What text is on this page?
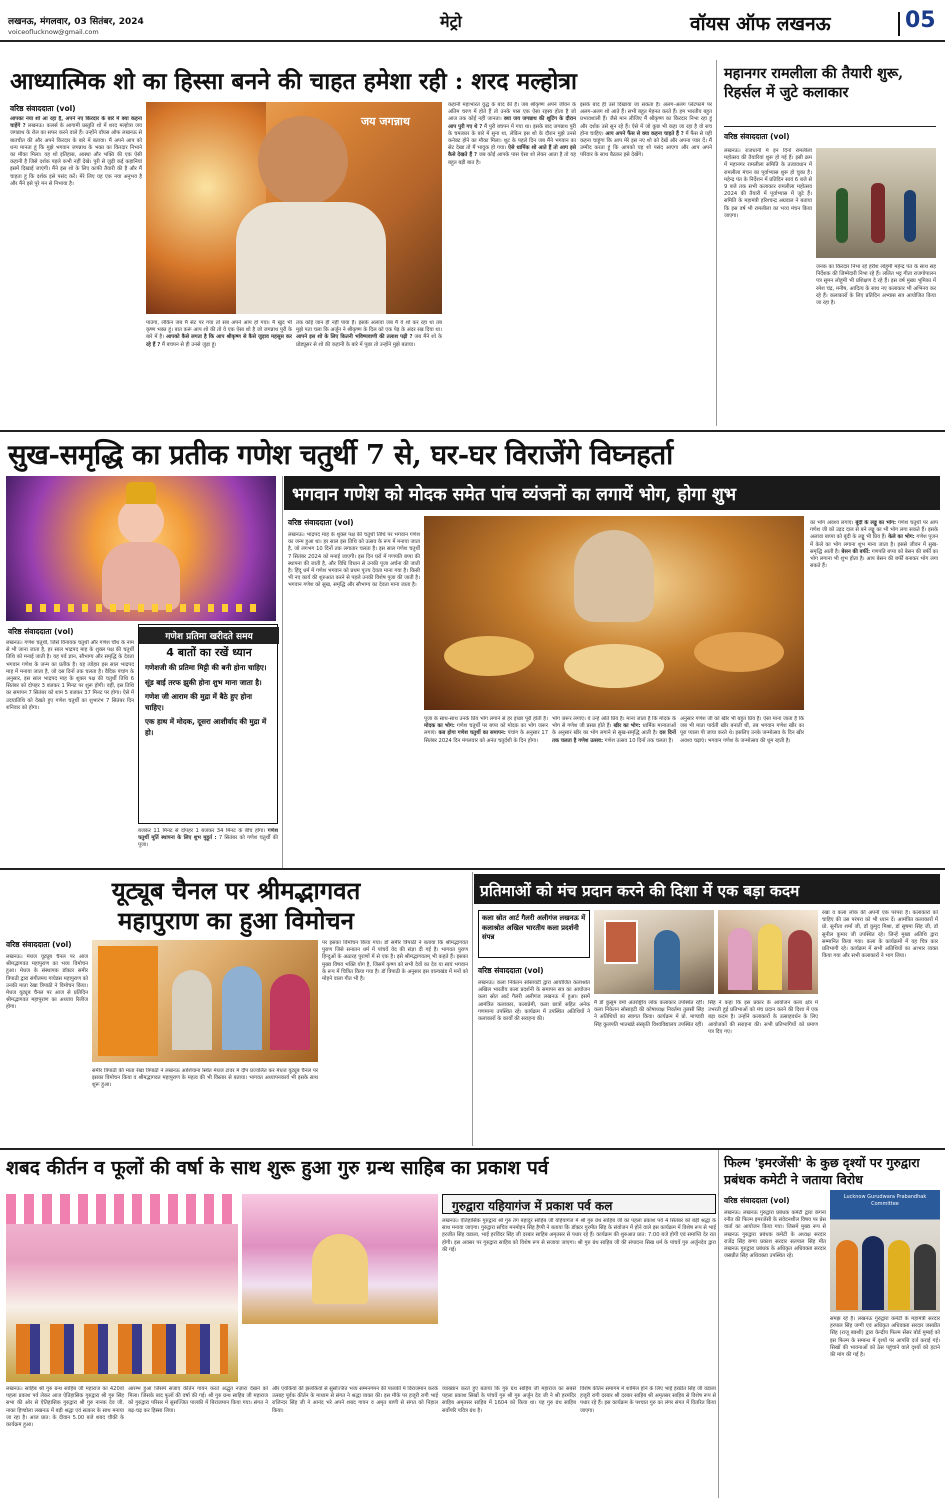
लखनऊ, मंगलवार, 03 सितंबर, 2024
voiceoflucknow@gmail.com
मेट्रो	वॉयस ऑफ लखनऊ	05
आध्यात्मिक शो का हिस्सा बनने की चाहत हमेशा रही : शरद मल्होत्रा
वरिष्ठ संवाददाता (vol)
जय जगन्नाथ
आपका नया शो आ रहा है, अपने नए किरदार के बारे में क्या कहना चाहेंगे ? लखनऊ। कलर्स के आगामी प्रस्तुति शो में शरद मल्होत्रा जय जगन्नाथ के रोल का सफर करने वाले हैं। उन्होंने वॉयस ऑफ लखनऊ से बातचीत की और अपने किरदार के बारे में बताया। मैं अपने आप को धन्य मानता हूं कि मुझे भगवान जगन्नाथ के भक्त का किरदार निभाने का मौका मिला। यह शो इतिहास, आस्था और भक्ति की एक ऐसी कहानी है जिसे दर्शक पहले कभी नहीं देखे। पुरी से जुड़ी कई कहानियां इसमें दिखाई जाएंगी। मैंने इस शो के लिए काफी तैयारी की है और मैं चाहता हूं कि दर्शक इसे पसंद करें। मेरे लिए यह एक नया अनुभव है और मैंने इसे पूरे मन से निभाया है।
पाउंगा, लेकिन जब मैं सेट पर गया तो सब अपने आप हो गया। मैं खुद भी कृष्ण भक्त हूं। बात करूं आप शो की तो ये एक ऐसा शो है जो जगन्नाथ पुरी के बारे में है। आपको कैसे लगता है कि आप श्रीकृष्ण से कैसे जुड़ाव महसूस कर रहे हैं ? मैं बचपन से ही उनसे जुड़ा हूं।
तक कोई जान ही नहीं पाया है। इसके अलावा जब मैं ये शो कर रहा था तब मुझे पता चला कि अर्जुन ने श्रीकृष्ण के दिल को एक पेड़ के अंदर रख दिया था। आपने इस शो के लिए कितनी भविष्यवाणी की तलाश पढ़ी ? जब मैंने शो के प्रोड्यूसर से शो की कहानी के बारे में पूछा तो उन्होंने मुझे बताया।
कहानी महाभारत युद्ध के बाद की है। जब श्रीकृष्ण अपने जीवन के अंतिम चरण में होते हैं तो उनके पास एक ऐसा रहस्य होता है जो आज तक कोई नहीं जानता। क्या जय जगन्नाथ की शूटिंग के दौरान आप पुरी गए थे ? मैं पुरी बचपन में गया था। इसके बाद जगन्नाथ पुरी के चमत्कार के बारे में सुना था, लेकिन इस शो के दौरान मुझे उनसे कनेक्ट होने का मौका मिला। शूट के पहले दिन जब मैंने भगवान का सेट देखा तो मैं भावुक हो गया। ऐसे धार्मिक शो आते हैं तो आप इसे कैसे देखते हैं ? जब कोई आपके पास ऐसा शो लेकर आता है तो यह बहुत बड़ी बात है।
इसके बाद ही उसे दिखाया जा सकता है। अलग-अलग प्लेटफार्म पर अलग-अलग शो आते हैं। सभी बहुत मेहनत करते हैं। हम भारतीय बहुत प्रभावशाली हैं। जैसे मान लीजिए मैं श्रीकृष्ण का किरदार निभा रहा हूं और दर्शक उसे सुन रहे हैं। ऐसे में जो कुछ भी कहा जा रहा है वो सच होना चाहिए। आप अपने फैंस से क्या कहना चाहते हैं ? मैं फैंस से यही कहना चाहूंगा कि आप मेरे इस नए शो को देखें और अपना प्यार दें। मैं उम्मीद करता हूं कि आपको यह शो पसंद आएगा और आप अपने परिवार के साथ बैठकर इसे देखेंगे।
महानगर रामलीला की तैयारी शुरू, रिहर्सल में जुटे कलाकार
वरिष्ठ संवाददाता (vol)
लखनऊ। राजधानी में इन दिनों रामलीला महोत्सव की तैयारियां शुरू हो गई हैं। इसी क्रम में महानगर रामलीला समिति के तत्वावधान में रामलीला मंचन का पूर्वाभ्यास शुरू हो चुका है। महेन्द्र पंत के निर्देशन में प्रतिदिन सायं 6 बजे से 9 बजे तक सभी कलाकार रामलीला महोत्सव 2024 की तैयारी में पूर्वाभ्यास में जुटे हैं। समिति के महामंत्री हरिश्चन्द्र अग्रवाल ने बताया कि इस वर्ष भी रामलीला का भव्य मंचन किया जाएगा।
जनक का किरदार निभा रहे हरीश लोहुमी महेन्द्र पंत के साथ सह निर्देशक की जिम्मेदारी निभा रहे हैं। ललित भट्ट गीता राजगोपालन पत्र सुमन लोहुमी भी प्रशिक्षण दे रहे हैं। इस वर्ष मुख्य भूमिका में रमेश चंद्र, मनीष, आदित्य के साथ नए कलाकार भी अभिनय कर रहे हैं। कलाकारों के लिए प्रतिदिन अभ्यास सत्र आयोजित किया जा रहा है।
सुख-समृद्धि का प्रतीक गणेश चतुर्थी 7 से, घर-घर विराजेंगे विघ्नहर्ता
वरिष्ठ संवाददाता (vol)
लखनऊ। गणेश चतुर्थी, जिसे विनायक चतुर्थी और गणेश चौथ के नाम से भी जाना जाता है, हर साल भाद्रपद माह के शुक्ल पक्ष की चतुर्थी तिथि को मनाई जाती है। यह पर्व ज्ञान, सौभाग्य और समृद्धि के देवता भगवान गणेश के जन्म का प्रतीक है। यह त्योहार इस साल भाद्रपद माह में मनाया जाता है, जो दस दिनों तक चलता है। वैदिक पंचांग के अनुसार, इस साल भाद्रपद माह के शुक्ल पक्ष की चतुर्थी तिथि 6 सितंबर को दोपहर 3 बजकर 1 मिनट पर शुरू होगी। वहीं, इस तिथि का समापन 7 सितंबर को शाम 5 बजकर 37 मिनट पर होगा। ऐसे में उदयातिथि को देखते हुए गणेश चतुर्थी का शुभारंभ 7 सितंबर दिन शनिवार को होगा।
गणेश प्रतिमा खरीदते समय
4 बातों का रखें ध्यान
गणेशजी की प्रतिमा मिट्टी की बनी होना चाहिए।
सूंड बाई तरफ झुकी होना शुभ माना जाता है।
गणेश जी आराम की मुद्रा में बैठे हुए होना चाहिए।
एक हाथ में मोदक, दूसरा आशीर्वाद की मुद्रा में हो।
बजकर 11 मिनट से दोपहर 1 बजकर 34 मिनट के बीच होगा। गणेश चतुर्थी मूर्ति स्थापना के लिए शुभ मुहूर्त : 7 सितंबर को गणेश चतुर्थी की पूजा।
भगवान गणेश को मोदक समेत पांच व्यंजनों का लगायें भोग, होगा शुभ
वरिष्ठ संवाददाता (vol)
लखनऊ। भाद्रपद माह के शुक्ल पक्ष की चतुर्थी तिथि पर भगवान गणेश का जन्म हुआ था। हर साल इस तिथि को उत्सव के रूप में मनाया जाता है, जो लगभग 10 दिनों तक लगातार चलता है। इस साल गणेश चतुर्थी 7 सितंबर 2024 को मनाई जाएगी। इस दिन घरों में गणपति बप्पा की स्थापना की जाती है, और विधि विधान से उनकी पूजा अर्चना की जाती है। हिंदू धर्म में गणेश भगवान को प्रथम पूज्य देवता माना गया है। किसी भी नए कार्य की शुरुआत करने से पहले उनकी विशेष पूजा की जाती है। भगवान गणेश को सुख, समृद्धि और सौभाग्य का देवता माना जाता है।
पूजा के साथ-साथ उनके प्रिय भोग लगाने से हर इच्छा पूरी होती है। मोदक का भोग: गणेश चतुर्थी पर बप्पा को मोदक का भोग जरूर लगाएं। कब होगा गणेश चतुर्थी का समापन: पंचांग के अनुसार 17 सितंबर 2024 दिन मंगलवार को अनंत चतुर्दशी के दिन होगा।
भोग जरूर लगाएं। ये उन्हें अति प्रिय है। माना जाता है कि मोदक के भोग से गणेश जी प्रसन्न होते हैं। खीर का भोग: धार्मिक मान्यताओं के अनुसार खीर का भोग लगाने से सुख-समृद्धि आती है। दस दिनों तक चलता है गणेश उत्सव: गणेश उत्सव 10 दिनों तक चलता है।
अनुसार गणेश जी को खीर भी बहुत प्रिय है। ऐसा माना जाता है कि जब भी माता पार्वती खीर बनाती थीं, तब भगवान गणेश खीर का पूरा प्याला पी जाया करते थे। इसलिए उनके जन्मोत्सव के दिन खीर अवश्य चढ़ाएं। भगवान गणेश के जन्मोत्सव की धूम रहती है।
का भोग अवश्य लगाएं। बूंदी के लड्डू का भोग: गणेश चतुर्थी पर आप गणेश जी को उड़द दाल से बने लड्डू का भी भोग लगा सकते हैं। इसके अलावा बाप्पा को बूंदी के लड्डू भी प्रिय हैं। केले का भोग: गणेश पूजन में केले का भोग लगाना शुभ माना जाता है। इससे जीवन में सुख-समृद्धि आती है। बेसन की बर्फी: गणपति बप्पा को बेसन की बर्फी का भोग लगाना भी शुभ होता है। आप बेसन की बर्फी बनाकर भोग लगा सकते हैं।
यूट्यूब चैनल पर श्रीमद्भागवत
महापुराण का हुआ विमोचन
वरिष्ठ संवाददाता (vol)
लखनऊ। मेधज यूट्यूब चैनल पर आज श्रीमद्भागवत महापुराण का भव्य विमोचन हुआ। मेधज के संस्थापक डॉक्टर समीर त्रिपाठी द्वारा संगीतमय गायेडस महापुराण को उनकी माता रेखा त्रिपाठी ने विमोचन किया। मेधज यूट्यूब चैनल पर आज से प्रतिदिन श्रीमद्भागवत महापुराण का अध्याय रिलीज होगा।
समीर त्रिपाठी की माता रेखा त्रिपाठी ने लखनऊ आशियाना स्थित मेधज टावर में दीप प्रज्वलित कर मेधज यूट्यूब चैनल पर इसका विमोचन किया व श्रीमद्भागवत महापुराण के महत्व की भी विस्तार से बताया। भागवत अध्यापनकार्य भी इसके साथ शुरू हुआ।
पर इसका विमोचन किया गया। डॉ समीर त्रिपाठी ने बताया कि श्रीमद्भागवत पुराण जिसे सनातन धर्म में पांचवें वेद की संज्ञा दी गई है। भागवत पुराण हिन्दुओं के अठारह पुराणों में से एक है। इसे श्रीमद्भागवतम् भी कहते हैं। इसका मुख्य विषय भक्ति योग है, जिसमें कृष्ण को सभी देवों का देव या स्वयं भगवान के रूप में चित्रित किया गया है। डॉ त्रिपाठी के अनुसार इस वाल्यखंड में मनों को मोहने वाला गीत भी है।
प्रतिमाओं को मंच प्रदान करने की दिशा में एक बड़ा कदम
कला स्रोत आर्ट गैलरी अलीगंज लखनऊ में कलाश्रोत अखिल भारतीय कला प्रदर्शनी संपन्न
वरिष्ठ संवाददाता (vol)
लखनऊ। कला निकेतन सोसायटी द्वारा आयोजित कलाश्रोत अखिल भारतीय कला प्रदर्शनी के समापन सत्र का आयोजन कला स्रोत आर्ट गैलरी अलीगंज लखनऊ में हुआ। इसमें आमंत्रित कलाकार, कलाप्रेमी, कला छात्रों सहित अनेक गणमान्य उपस्थित रहे। कार्यक्रम में उपस्थित अतिथियों ने कलाकारों के कार्यों की सराहना की।
मैं डॉ कुसुम वर्मा अंतर्राष्ट्रीय लोक कलाकार उपस्थित रहीं। कला निकेतन सोसाइटी की कोषाध्यक्ष निवर्तमा तुलसी सिंह ने अतिथियों का स्वागत किया। कार्यक्रम में प्रो. माण्डवी सिंह कुलपति भातखंडे संस्कृति विश्वविद्यालय उपस्थित रहीं।
सिंह ने कहा कि इस प्रकार के आयोजन कला क्षेत्र में उभरती हुई प्रतिभाओं को मंच प्रदान करने की दिशा में एक बड़ा कदम है। उन्होंने कलाकारों के उत्साहवर्धन के लिए आयोजकों की सराहना की। सभी प्रतिभागियों को प्रमाण पत्र दिए गए।
रखा व कला लोक की अपनी एक परंपरा है। कलाकारों को चाहिए की उस परंपरा को भी ध्यान दें। आमंत्रित कलाकारों में प्रो. सुनीता शर्मा जी, डॉ कुमुद मिश्रा, डॉ सुषमा सिंह जी, डॉ सुनील कुमार जी उपस्थित रहे। जिन्हें मुख्य अतिथि द्वारा सम्मानित किया गया। कला के कार्यक्रमों में यह चित्र कार प्रतिभागी रहे। कार्यक्रम में सभी अतिथियों का आभार व्यक्त किया गया और सभी कलाकारों ने भाग लिया।
शबद कीर्तन व फूलों की वर्षा के साथ शुरू हुआ गुरु ग्रन्थ साहिब का प्रकाश पर्व
गुरुद्वारा यहियागंज में प्रकाश पर्व कल
लखनऊ। ऐतिहासिक गुरुद्वारा श्री गुरु तेग बहादुर साहिब जी यहियागंज में श्री गुरु ग्रंथ साहिब जी का पहला प्रकाश पर्व 4 सितंबर को बड़ी श्रद्धा के साथ मनाया जाएगा। गुरुद्वारा सचिव मनमोहन सिंह हैप्पी ने बताया कि डॉक्टर गुरमीत सिंह के संयोजन में होने वाले इस कार्यक्रम में विशेष रूप से भाई हरजीत सिंह वडाला, भाई हरविंदर सिंह जी दरबार साहिब अमृतसर से पधार रहे हैं। कार्यक्रम की शुरुआत प्रात: 7:00 बजे होगी एवं समाप्ति देर रात होगी। इस अवसर पर गुरुद्वारा साहिब को विशेष रूप से सजाया जाएगा। श्री गुरु ग्रंथ साहिब जी की संपादना सिख धर्म के पांचवें गुरु अर्जुनदेव द्वारा की गई।
लखनऊ। साहिब श्री गुरु ग्रन्थ साहिब जी महाराज का 420वां पहला प्रकाश पर्व लेकर आज ऐतिहासिक गुरुद्वारा श्री गुरु सिंह सभा की ओर से ऐतिहासिक गुरुद्वारा श्री गुरु नानक देव जी, नाका हिण्डोला लखनऊ में बड़ी श्रद्धा एवं सत्कार के साथ मनाया जा रहा है। आज प्रात: के दीवान 5.00 बजे शबद चौकी के कार्यक्रम हुआ।
आरम्भ हुआ जिसमें सजाए कीर्तन गायन करते अद्भुत नज़ारा देखने को मिला। जिसके बाद फूलों की वर्षा की गई। श्री गुरु ग्रन्थ साहिब जी महाराज को गुरुद्वारा परिसर में सुसज्जित पालकी में बिराजमान किया गया। संगत ने बढ़-चढ़ कर हिस्सा लिया।
और एयंकियों की झलकियों से सुसज्जित भव्य सम्मनगमन की पालकी में विराजमान करके उत्साह पूर्वक कीर्तन के माध्यम से संगत ने श्रद्धा व्यक्त की। इस मौके पर हजूरी रागी भाई राजिन्दर सिंह जी ने आनंद भरे अपने शबद गायन व अमृत बाणी से संगत को निहाल किया।
व्याख्यान करते हुए बताया कि गुरु ग्रंथ साहिब जी महाराज का सबसे पहला प्रकाश सिखों के पांचवें गुरु श्री गुरु अर्जुन देव जी ने श्री हरमंदिर साहिब अमृतसर साहिब में 1604 को किया था। यह गुरु ग्रंथ साहिब सर्वोपरि पवित्र ग्रंथ है।
विशेष कीर्तन समागम में शामिल होने के लिए भाई हरप्रीत सिंह जी वडाला हजूरी रागी दरबार श्री दरबार साहिब श्री अमृतसर साहिब से विशेष रूप से पधार रहे हैं। इस कार्यक्रम के पश्चात गुरु का लंगर संगत में वितरित किया जाएगा।
फिल्म 'इमरजेंसी' के कुछ दृश्यों पर गुरुद्वारा प्रबंधक कमेटी ने जताया विरोध
वरिष्ठ संवाददाता (vol)	Lucknow Gurudwara Prabandhak Committee
लखनऊ। लखनऊ गुरुद्वारा प्रबंधक कमेटी द्वारा कंगना रनौत की फिल्म इमरजेंसी के संवेदनशील विषय पर प्रेस वार्ता का आयोजन किया गया। जिसमें मुख्य रूप से लखनऊ गुरुद्वारा प्रबंधक कमेटी के अध्यक्ष सरदार राजेंद्र सिंह बग्गा प्रकाश सरदार सतपाल सिंह मीत लखनऊ गुरुद्वारा प्रबंधक के अधिकृत अधिवक्ता सरदार जसप्रीत सिंह अधिवक्ता उपस्थित रहे।
समझ रहे हैं। लखनऊ गुरुद्वारा कमेटी के महामंत्री सरदार हरपाल सिंह जग्गी एवं अधिकृत अधिवक्ता सरदार जसप्रीत सिंह (राजू बक्शी) द्वारा केन्द्रीय फिल्म सेंसर बोर्ड मुम्बई को इस फिल्म के सम्बन्ध में दृश्यों पर आपत्ति दर्ज कराई गई। सिखों की भावनाओं को ठेस पहुंचाने वाले दृश्यों को हटाने की मांग की गई है।
